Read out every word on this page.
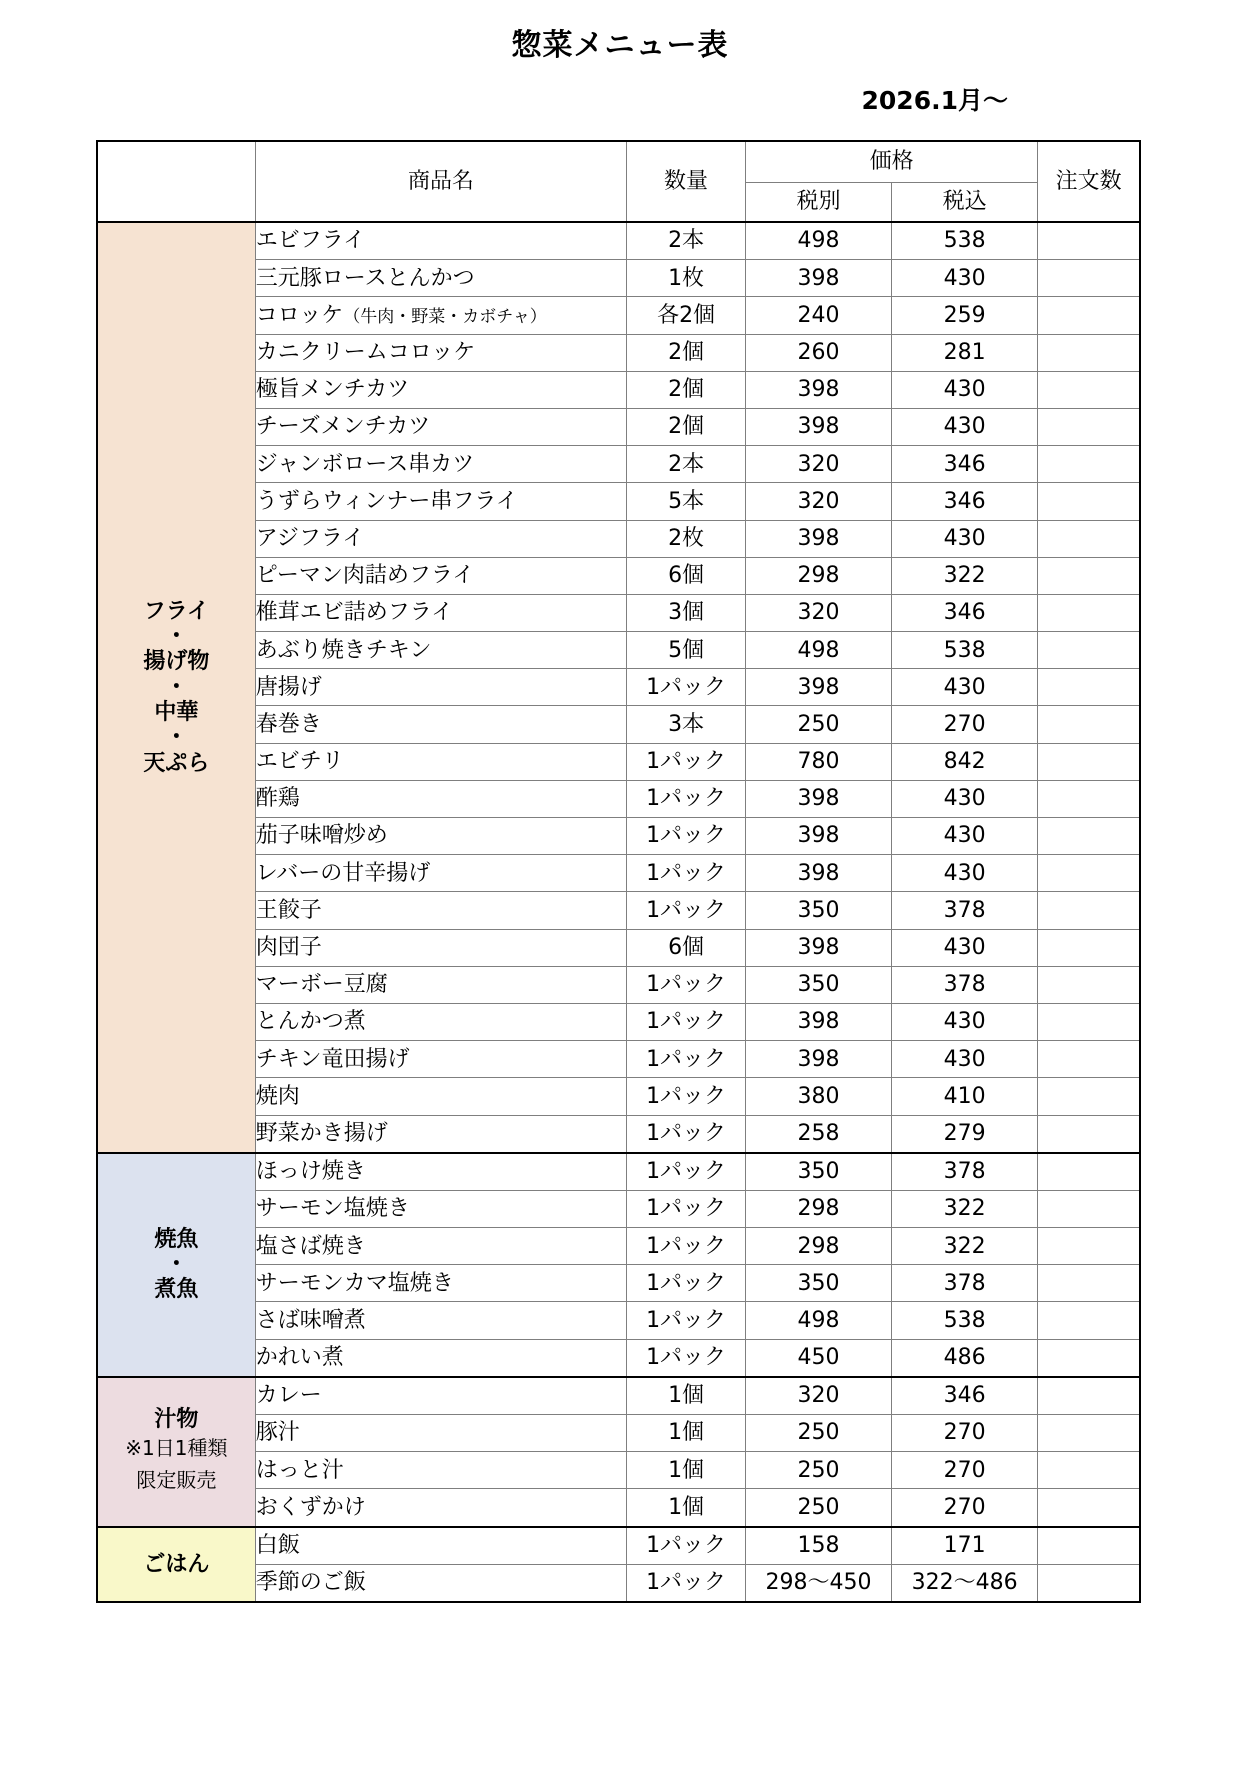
惣菜メニュー表
2026.1月～
	商品名	数量	価格		注文数
			税別	税込	

フライ
・
揚げ物
・
中華
・
天ぷら
	エビフライ	2本	498	538	
	三元豚ロースとんかつ	1枚	398	430	
	コロッケ（牛肉・野菜・カボチャ）	各2個	240	259	
	カニクリームコロッケ	2個	260	281	
	極旨メンチカツ	2個	398	430	
	チーズメンチカツ	2個	398	430	
	ジャンボロース串カツ	2本	320	346	
	うずらウィンナー串フライ	5本	320	346	
	アジフライ	2枚	398	430	
	ピーマン肉詰めフライ	6個	298	322	
	椎茸エビ詰めフライ	3個	320	346	
	あぶり焼きチキン	5個	498	538	
	唐揚げ	1パック	398	430	
	春巻き	3本	250	270	
	エビチリ	1パック	780	842	
	酢鶏	1パック	398	430	
	茄子味噌炒め	1パック	398	430	
	レバーの甘辛揚げ	1パック	398	430	
	王餃子	1パック	350	378	
	肉団子	6個	398	430	
	マーボー豆腐	1パック	350	378	
	とんかつ煮	1パック	398	430	
	チキン竜田揚げ	1パック	398	430	
	焼肉	1パック	380	410	
	野菜かき揚げ	1パック	258	279	

焼魚
・
煮魚	ほっけ焼き	1パック	350	378	
	サーモン塩焼き	1パック	298	322	
	塩さば焼き	1パック	298	322	
	サーモンカマ塩焼き	1パック	350	378	
	さば味噌煮	1パック	498	538	
	かれい煮	1パック	450	486	

汁物
※1日1種類
限定販売	カレー	1個	320	346	
	豚汁	1個	250	270	
	はっと汁	1個	250	270	
	おくずかけ	1個	250	270	

ごはん	白飯	1パック	158	171	
	季節のご飯	1パック	298～450	322～486	
